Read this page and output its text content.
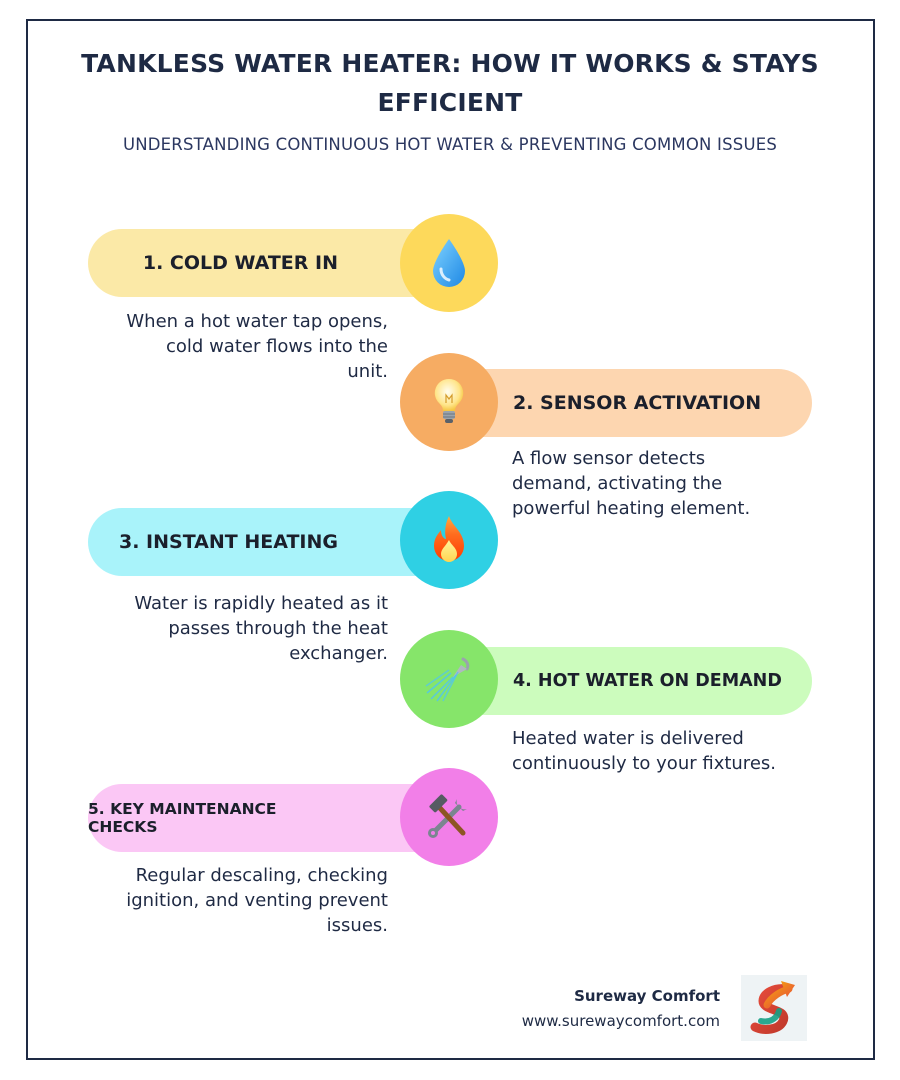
TANKLESS WATER HEATER: HOW IT WORKS & STAYS
EFFICIENT
UNDERSTANDING CONTINUOUS HOT WATER & PREVENTING COMMON ISSUES
1. COLD WATER IN
When a hot water tap opens,
cold water flows into the
unit.
2. SENSOR ACTIVATION
A flow sensor detects
demand, activating the
powerful heating element.
3. INSTANT HEATING
Water is rapidly heated as it
passes through the heat
exchanger.
4. HOT WATER ON DEMAND
Heated water is delivered
continuously to your fixtures.
5. KEY MAINTENANCE CHECKS
Regular descaling, checking
ignition, and venting prevent
issues.
Sureway Comfort
www.surewaycomfort.com
